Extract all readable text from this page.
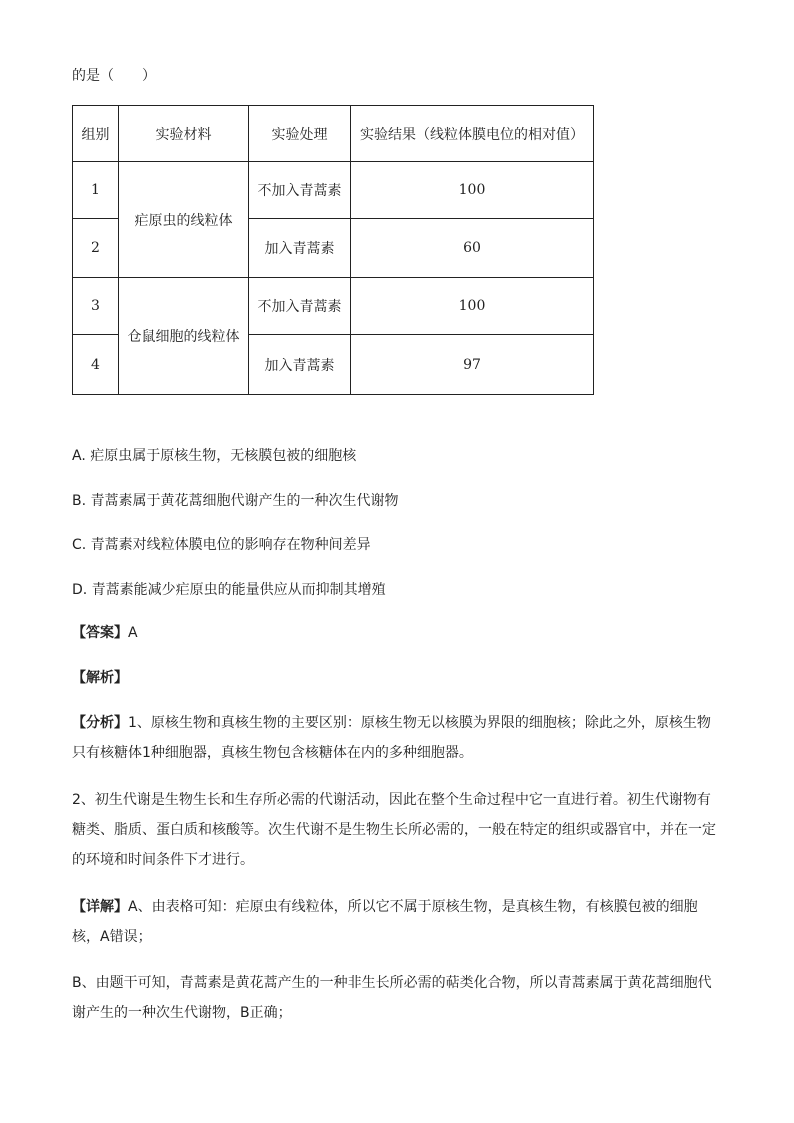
的是（　　）
组别	实验材料	实验处理	实验结果（线粒体膜电位的相对值）
1	疟原虫的线粒体	不加入青蒿素	100
2		加入青蒿素	60
3	仓鼠细胞的线粒体	不加入青蒿素	100
4		加入青蒿素	97
A. 疟原虫属于原核生物，无核膜包被的细胞核
B. 青蒿素属于黄花蒿细胞代谢产生的一种次生代谢物
C. 青蒿素对线粒体膜电位的影响存在物种间差异
D. 青蒿素能减少疟原虫的能量供应从而抑制其增殖
【答案】A
【解析】
【分析】1、原核生物和真核生物的主要区别：原核生物无以核膜为界限的细胞核；除此之外，原核生物只有核糖体1种细胞器，真核生物包含核糖体在内的多种细胞器。
2、初生代谢是生物生长和生存所必需的代谢活动，因此在整个生命过程中它一直进行着。初生代谢物有糖类、脂质、蛋白质和核酸等。次生代谢不是生物生长所必需的，一般在特定的组织或器官中，并在一定的环境和时间条件下才进行。
【详解】A、由表格可知：疟原虫有线粒体，所以它不属于原核生物，是真核生物，有核膜包被的细胞核，A错误；
B、由题干可知，青蒿素是黄花蒿产生的一种非生长所必需的萜类化合物，所以青蒿素属于黄花蒿细胞代谢产生的一种次生代谢物，B正确；
